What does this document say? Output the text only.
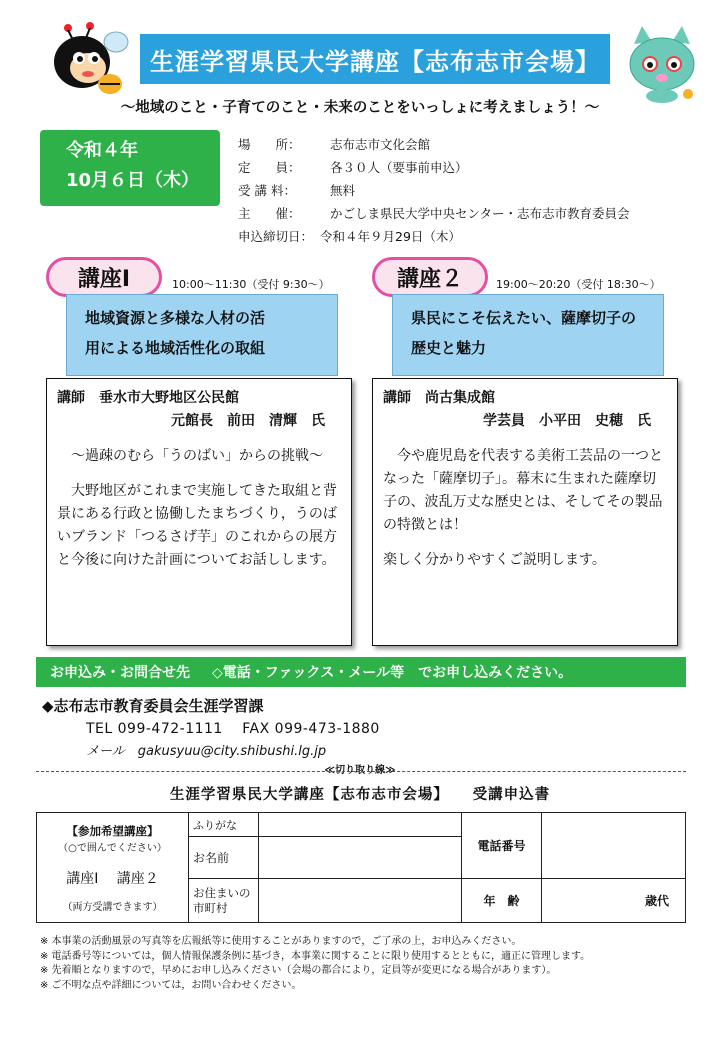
生涯学習県民大学講座【志布志市会場】
～地域のこと・子育てのこと・未来のことをいっしょに考えましょう！～
令和４年
10月６日（木）
場　　所：	志布志市文化会館
定　　員：	各３０人（要事前申込）
受 講 料：	無料
主　　催：	かごしま県民大学中央センター・志布志市教育委員会
申込締切日： 令和４年９月29日（木）
講座Ⅰ	10:00～11:30（受付 9:30～）
地域資源と多様な人材の活
用による地域活性化の取組
講師　垂水市大野地区公民館
元館長　前田　清輝　氏

　～過疎のむら「うのばい」からの挑戦～

　大野地区がこれまで実施してきた取組と背景にある行政と協働したまちづくり，うのばいブランド「つるさげ芋」のこれからの展方と今後に向けた計画についてお話しします。

講座２	19:00～20:20（受付 18:30～）
県民にこそ伝えたい、薩摩切子の
歴史と魅力
講師　尚古集成館
学芸員　小平田　史穂　氏

　今や鹿児島を代表する美術工芸品の一つとなった「薩摩切子」。幕末に生まれた薩摩切子の、波乱万丈な歴史とは、そしてその製品の特徴とは！

楽しく分かりやすくご説明します。

お申込み・お問合せ先 ◇電話・ファックス・メール等　でお申し込みください。
◆志布志市教育委員会生涯学習課
TEL 099-472-1111　 FAX 099-473-1880
メール　gakusyuu@city.shibushi.lg.jp
≪切り取り線≫
生涯学習県民大学講座【志布志市会場】　　受講申込書
【参加希望講座】
（○で囲んでください）
講座Ⅰ　 講座２
（両方受講できます）	ふりがな		電話番号	
	お名前			
	お住まいの市町村		年　齢	歳代
※ 本事業の活動風景の写真等を広報紙等に使用することがありますので，ご了承の上，お申込みください。
※ 電話番号等については，個人情報保護条例に基づき，本事業に関することに限り使用するとともに，適正に管理します。
※ 先着順となりますので，早めにお申し込みください（会場の都合により，定員等が変更になる場合があります）。
※ ご不明な点や詳細については，お問い合わせください。
